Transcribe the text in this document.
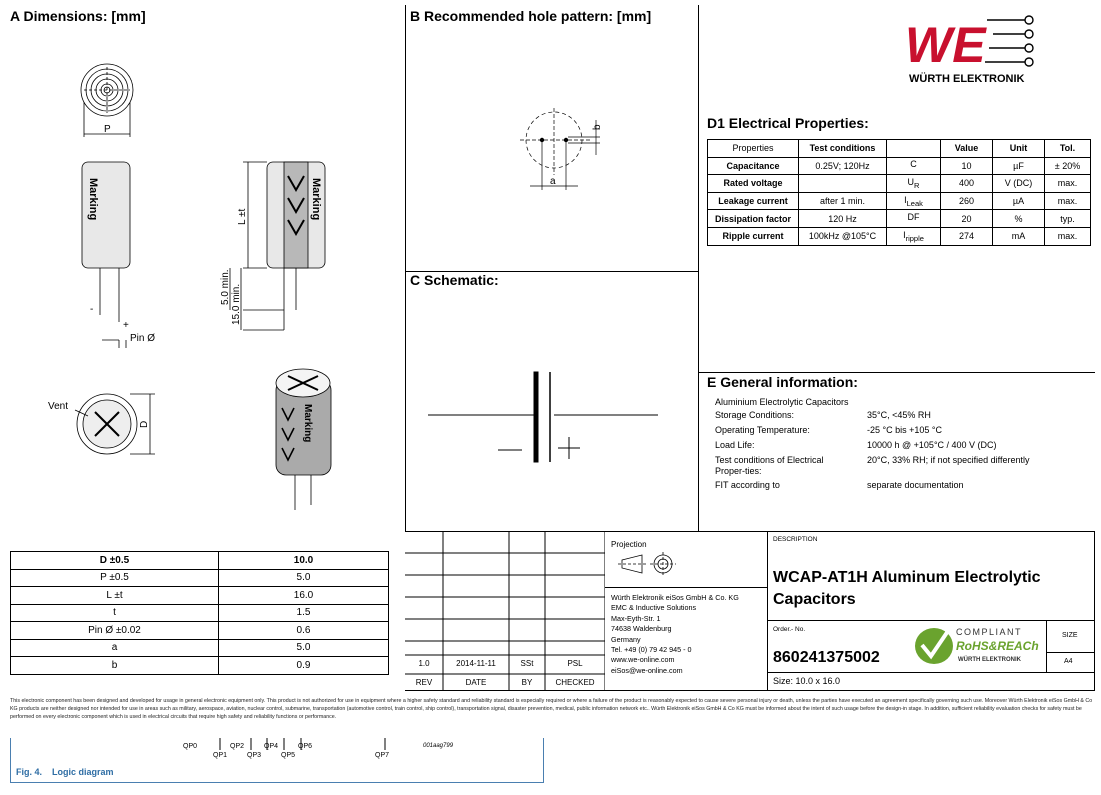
A Dimensions: [mm]	B Recommended hole pattern: [mm]
C Schematic:
D1 Electrical Properties:
E General information:
P
Marking
-
+
Pin Ø
Marking
L ±t
5.0 min. 15.0 min.
Vent
D	Marking
D ±0.5	10.0
P ±0.5	5.0
L ±t	16.0
t	1.5
Pin Ø ±0.02	0.6
a	5.0
b	0.9
a
b
WE
WÜRTH ELEKTRONIK
Properties	Test conditions		Value	Unit	Tol.
Capacitance	0.25V; 120Hz	C	10	µF	± 20%
Rated voltage		$U_R$	400	V (DC)	max.
Leakage current	after 1 min.	$I_{Leak}$	260	µA	max.
Dissipation factor	120 Hz	DF	20	%	typ.
Ripple current	100kHz @105°C	$I_{ripple}$	274	mA	max.
Aluminium Electrolytic Capacitors
Storage Conditions:	35°C, <45% RH
Operating Temperature:	-25 °C bis +105 °C
Load Life:	10000 h @ +105°C / 400 V (DC)
Test conditions of Electrical Proper-ties:
20°C, 33% RH; if not specified differently
FIT according to	separate documentation
1.0	2014-11-11	SSt	PSL
REV	DATE	BY	CHECKED
Projection
Würth Elektronik eiSos GmbH & Co. KG
EMC & Inductive Solutions
Max-Eyth-Str. 1
74638 Waldenburg
Germany
Tel. +49 (0) 79 42 945 - 0
www.we-online.com
eiSos@we-online.com
DESCRIPTION
WCAP-AT1H Aluminum Electrolytic Capacitors
Order.- No.
860241375002
SIZE
A4
Size: 10.0 x 16.0
COMPLIANT
RoHS&REACh
WÜRTH ELEKTRONIK
This electronic component has been designed and developed for usage in general electronic equipment only. This product is not authorized for use in equipment where a higher safety standard and reliability standard is especially required or where a failure of the product is reasonably expected to cause severe personal injury or death, unless the parties have executed an agreement specifically governing such use. Moreover Würth Elektronik eiSos GmbH & Co KG products are neither designed nor intended for use in areas such as military, aerospace, aviation, nuclear control, submarine, transportation (automotive control, train control, ship control), transportation signal, disaster prevention, medical, public information network etc.. Würth Elektronik eiSos GmbH & Co KG must be informed about the intent of such usage before the design-in stage. In addition, sufficient reliability evaluation checks for safety must be performed on every electronic component which is used in electrical circuits that require high safety and reliability functions or performance.
QP0	QP2	QP4	QP6
QP1	QP3	QP5	QP7
001aag799
Fig. 4. Logic diagram
